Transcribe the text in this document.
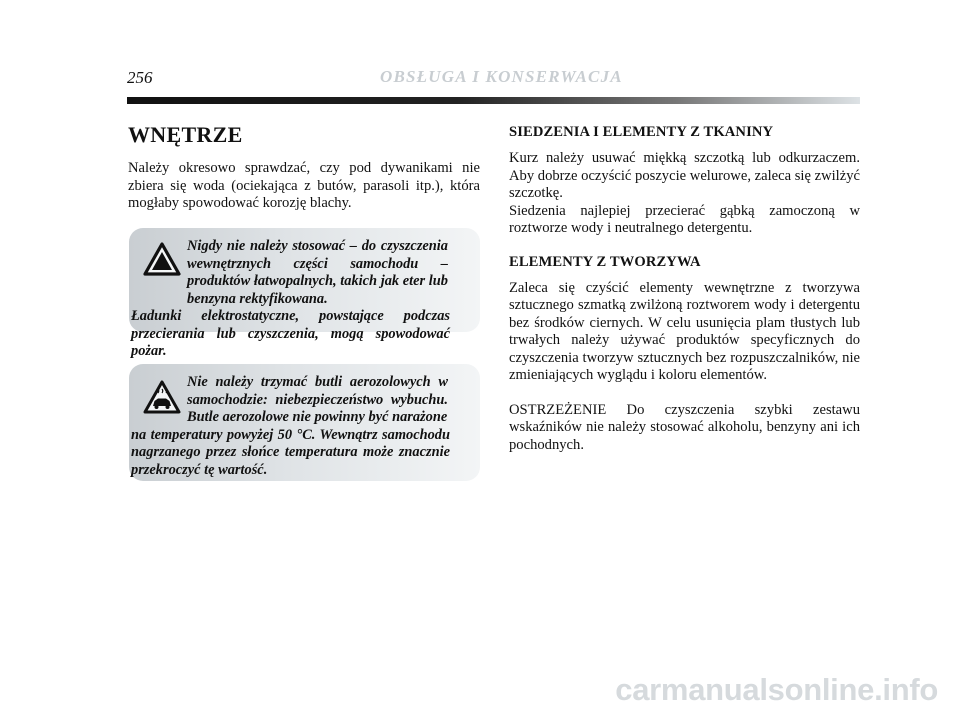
256	OBSŁUGA I KONSERWACJA
WNĘTRZE

Należy okresowo sprawdzać, czy pod dywanikami nie zbiera się woda (ociekająca z butów, parasoli itp.), która mogłaby spowodować korozję blachy.

Nigdy nie należy stosować – do czyszczenia wewnętrznych części samochodu – produktów łatwopalnych, takich jak eter lub benzyna rektyfikowana.

Ładunki elektrostatyczne, powstające podczas przecierania lub czyszczenia, mogą spowodować pożar.

Nie należy trzymać butli aerozolowych w samochodzie: niebezpieczeństwo wybuchu. Butle aerozolowe nie powinny być narażone

na temperatury powyżej 50 °C. Wewnątrz samochodu nagrzanego przez słońce temperatura może znacznie przekroczyć tę wartość.

SIEDZENIA I ELEMENTY Z TKANINY

Kurz należy usuwać miękką szczotką lub odkurzaczem. Aby dobrze oczyścić poszycie welurowe, zaleca się zwilżyć szczotkę.

Siedzenia najlepiej przecierać gąbką zamoczoną w roztworze wody i neutralnego detergentu.

ELEMENTY Z TWORZYWA

Zaleca się czyścić elementy wewnętrzne z tworzywa sztucznego szmatką zwilżoną roztworem wody i detergentu bez środków ciernych. W celu usunięcia plam tłustych lub trwałych należy używać produktów specyficznych do czyszczenia tworzyw sztucznych bez rozpuszczalników, nie zmieniających wyglądu i koloru elementów.

OSTRZEŻENIE Do czyszczenia szybki zestawu wskaźników nie należy stosować alkoholu, benzyny ani ich pochodnych.

carmanualsonline.info
